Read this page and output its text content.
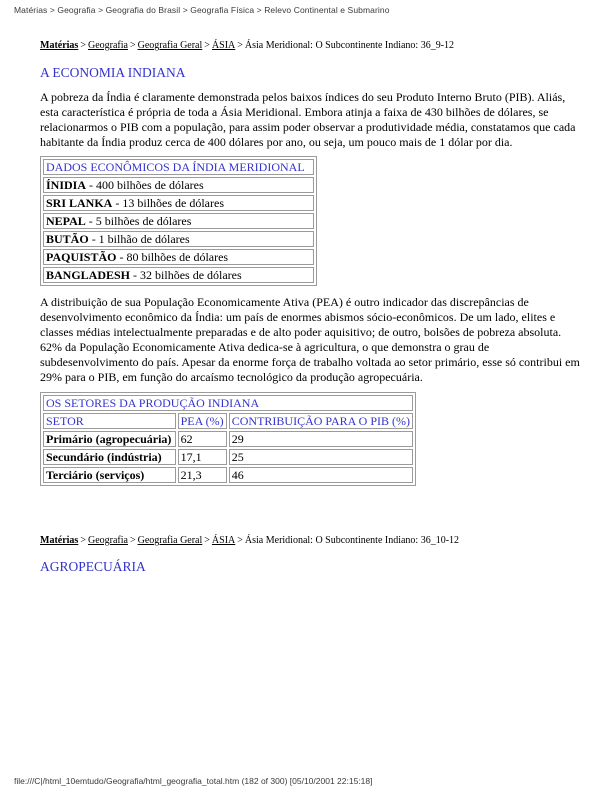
Matérias > Geografia > Geografia do Brasil > Geografia Física > Relevo Continental e Submarino
Matérias > Geografia > Geografia Geral > ÁSIA > Ásia Meridional: O Subcontinente Indiano: 36_9-12
A ECONOMIA INDIANA

A pobreza da Índia é claramente demonstrada pelos baixos índices do seu Produto Interno Bruto (PIB). Aliás, esta característica é própria de toda a Ásia Meridional. Embora atinja a faixa de 430 bilhões de dólares, se relacionarmos o PIB com a população, para assim poder observar a produtividade média, constatamos que cada habitante da Índia produz cerca de 400 dólares por ano, ou seja, um pouco mais de 1 dólar por dia.

DADOS ECONÔMICOS DA ÍNDIA MERIDIONAL
ÍNIDIA - 400 bilhões de dólares
SRI LANKA - 13 bilhões de dólares
NEPAL - 5 bilhões de dólares
BUTÃO - 1 bilhão de dólares
PAQUISTÃO - 80 bilhões de dólares
BANGLADESH - 32 bilhões de dólares

A distribuição de sua População Economicamente Ativa (PEA) é outro indicador das discrepâncias de desenvolvimento econômico da Índia: um país de enormes abismos sócio-econômicos. De um lado, elites e classes médias intelectualmente preparadas e de alto poder aquisitivo; de outro, bolsões de pobreza absoluta. 62% da População Economicamente Ativa dedica-se à agricultura, o que demonstra o grau de subdesenvolvimento do país. Apesar da enorme força de trabalho voltada ao setor primário, esse só contribui em 29% para o PIB, em função do arcaísmo tecnológico da produção agropecuária.

OS SETORES DA PRODUÇÃO INDIANA		
SETOR	PEA (%)	CONTRIBUIÇÃO PARA O PIB (%)
Primário (agropecuária)	62	29
Secundário (indústria)	17,1	25
Terciário (serviços)	21,3	46
Matérias > Geografia > Geografia Geral > ÁSIA > Ásia Meridional: O Subcontinente Indiano: 36_10-12
AGROPECUÁRIA
file:///C|/html_10emtudo/Geografia/html_geografia_total.htm (182 of 300) [05/10/2001 22:15:18]
